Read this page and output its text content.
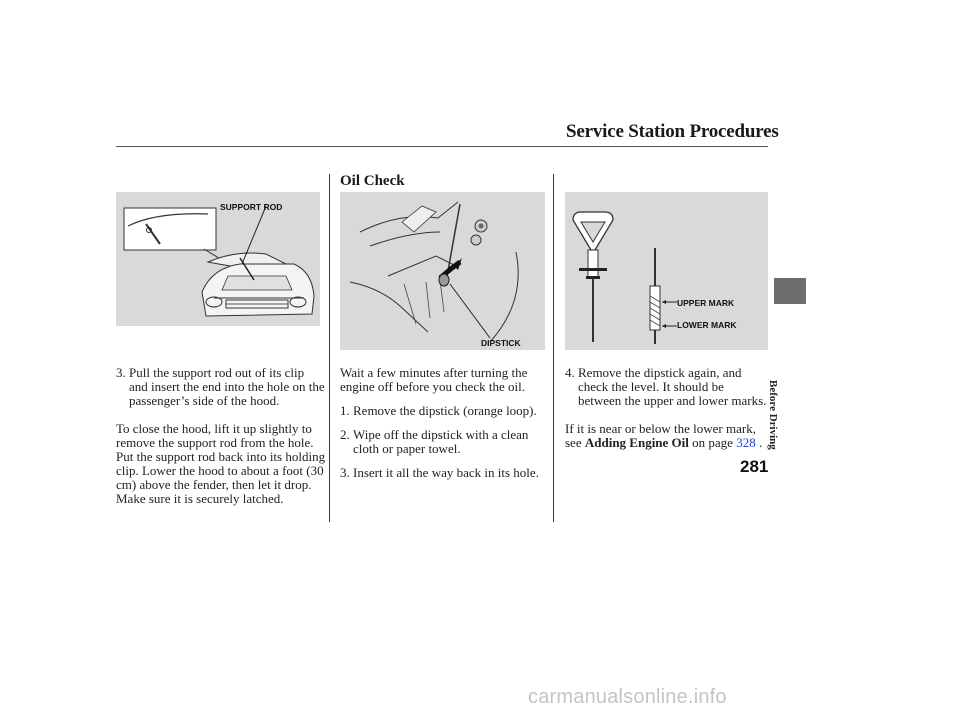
Service Station Procedures
Oil Check
SUPPORT ROD
DIPSTICK
UPPER MARK
LOWER MARK
3. Pull the support rod out of its clip and insert the end into the hole on the passenger’s side of the hood.
To close the hood, lift it up slightly to remove the support rod from the hole. Put the support rod back into its holding clip. Lower the hood to about a foot (30 cm) above the fender, then let it drop. Make sure it is securely latched.
Wait a few minutes after turning the engine off before you check the oil.
1. Remove the dipstick (orange loop).
2. Wipe off the dipstick with a clean cloth or paper towel.
3. Insert it all the way back in its hole.
4. Remove the dipstick again, and check the level. It should be between the upper and lower marks.
If it is near or below the lower mark, see Adding Engine Oil on page 328 . Before Driving
281
carmanualsonline.info
